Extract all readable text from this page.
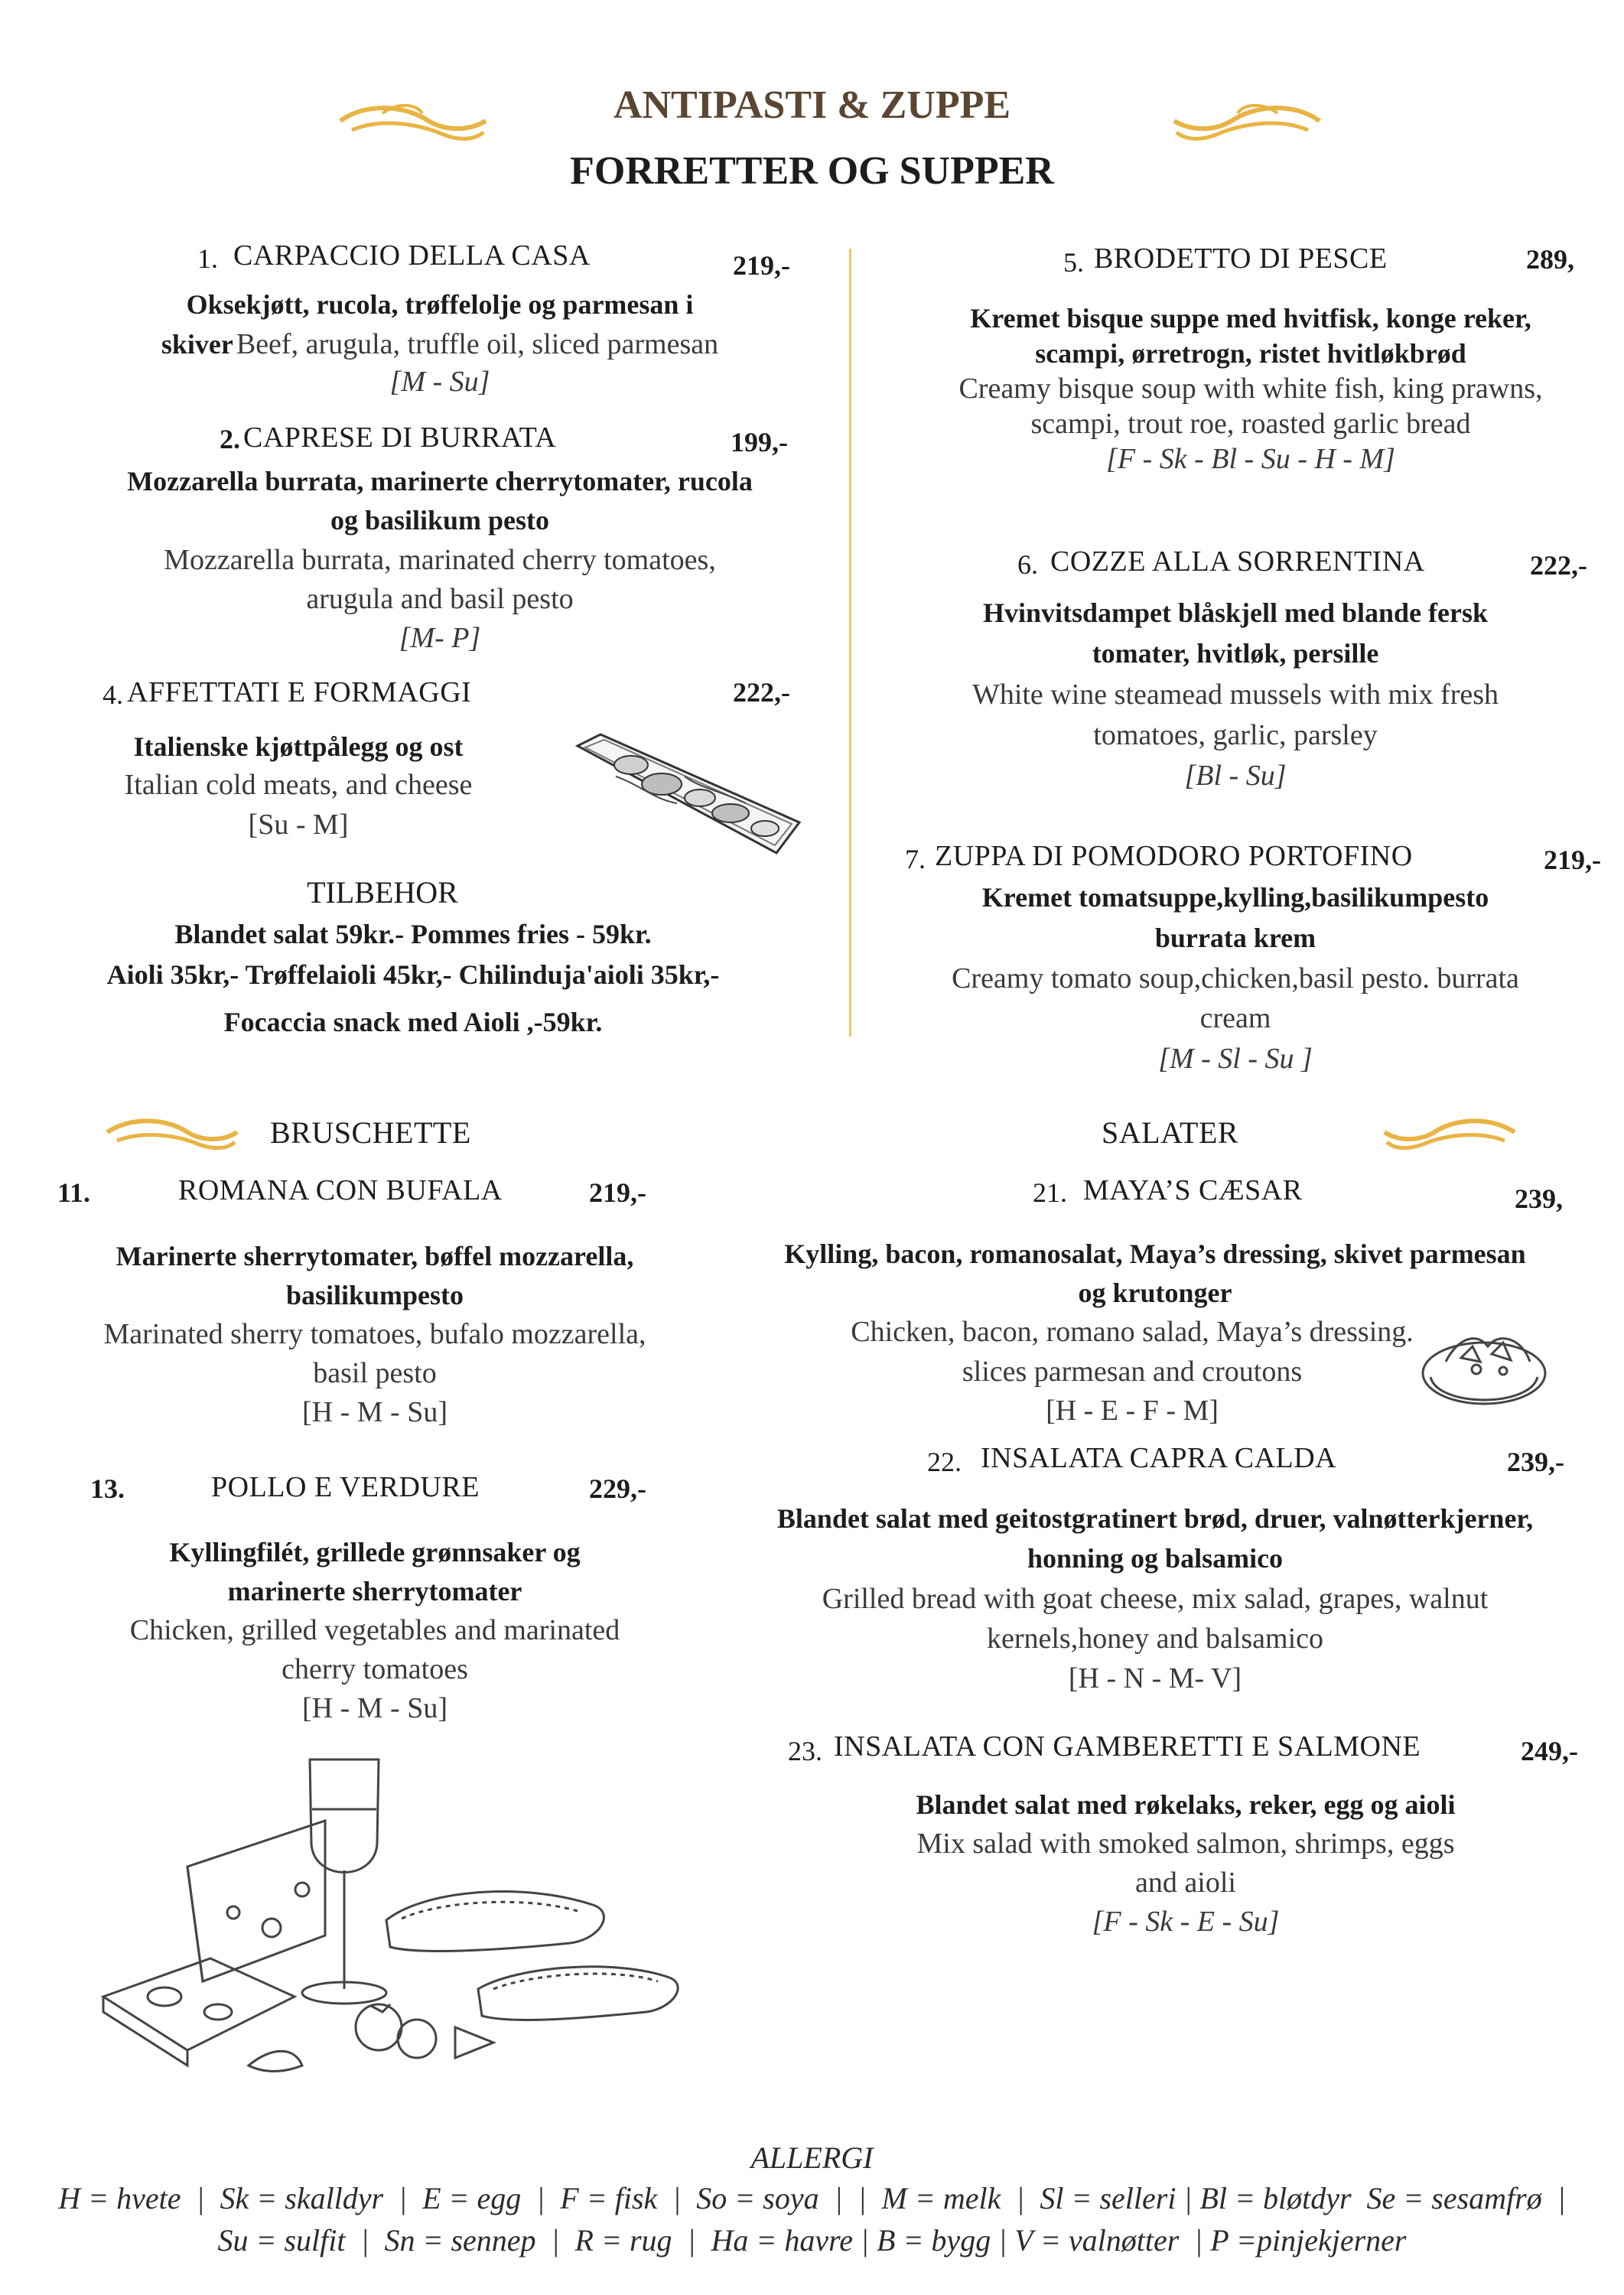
ANTIPASTI & ZUPPE
FORRETTER OG SUPPER
1. CARPACCIO DELLA CASA	219,-
Oksekjøtt, rucola, trøffelolje og parmesan i
skiver Beef, arugula, truffle oil, sliced parmesan
[M - Su]
2. CAPRESE DI BURRATA	199,-
Mozzarella burrata, marinerte cherrytomater, rucola
og basilikum pesto
Mozzarella burrata, marinated cherry tomatoes,
arugula and basil pesto
[M- P]
4. AFFETTATI E FORMAGGI	222,-
Italienske kjøttpålegg og ost
Italian cold meats, and cheese
[Su - M]
TILBEHOR
Blandet salat 59kr.- Pommes fries - 59kr.
Aioli 35kr,- Trøffelaioli 45kr,- Chilinduja'aioli 35kr,-
Focaccia snack med Aioli ,-59kr.
5. BRODETTO DI PESCE	289,
Kremet bisque suppe med hvitfisk, konge reker,
scampi, ørretrogn, ristet hvitløkbrød
Creamy bisque soup with white fish, king prawns,
scampi, trout roe, roasted garlic bread
[F - Sk - Bl - Su - H - M]
6. COZZE ALLA SORRENTINA	222,-
Hvinvitsdampet blåskjell med blande fersk
tomater, hvitløk, persille
White wine steamead mussels with mix fresh
tomatoes, garlic, parsley
[Bl - Su]
7. ZUPPA DI POMODORO PORTOFINO	219,-
Kremet tomatsuppe,kylling,basilikumpesto
burrata krem
Creamy tomato soup,chicken,basil pesto. burrata
cream
[M - Sl - Su ]
BRUSCHETTE	SALATER
11.	ROMANA CON BUFALA	219,-
Marinerte sherrytomater, bøffel mozzarella,
basilikumpesto
Marinated sherry tomatoes, bufalo mozzarella,
basil pesto
[H - M - Su]
13.	POLLO E VERDURE	229,-
Kyllingfilét, grillede grønnsaker og
marinerte sherrytomater
Chicken, grilled vegetables and marinated
cherry tomatoes
[H - M - Su]
21. MAYA’S CÆSAR	239,
Kylling, bacon, romanosalat, Maya’s dressing, skivet parmesan
og krutonger
Chicken, bacon, romano salad, Maya’s dressing.
slices parmesan and croutons
[H - E - F - M]
22. INSALATA CAPRA CALDA	239,-
Blandet salat med geitostgratinert brød, druer, valnøtterkjerner,
honning og balsamico
Grilled bread with goat cheese, mix salad, grapes, walnut
kernels,honey and balsamico
[H - N - M- V]
23. INSALATA CON GAMBERETTI E SALMONE	249,-
Blandet salat med røkelaks, reker, egg og aioli
Mix salad with smoked salmon, shrimps, eggs
and aioli
[F - Sk - E - Su]
ALLERGI
H = hvete  |  Sk = skalldyr  |  E = egg  |  F = fisk  |  So = soya  |  |  M = melk  |  Sl = selleri | Bl = bløtdyr  Se = sesamfrø  |
Su = sulfit  |  Sn = sennep  |  R = rug  |  Ha = havre | B = bygg | V = valnøtter  | P =pinjekjerner
